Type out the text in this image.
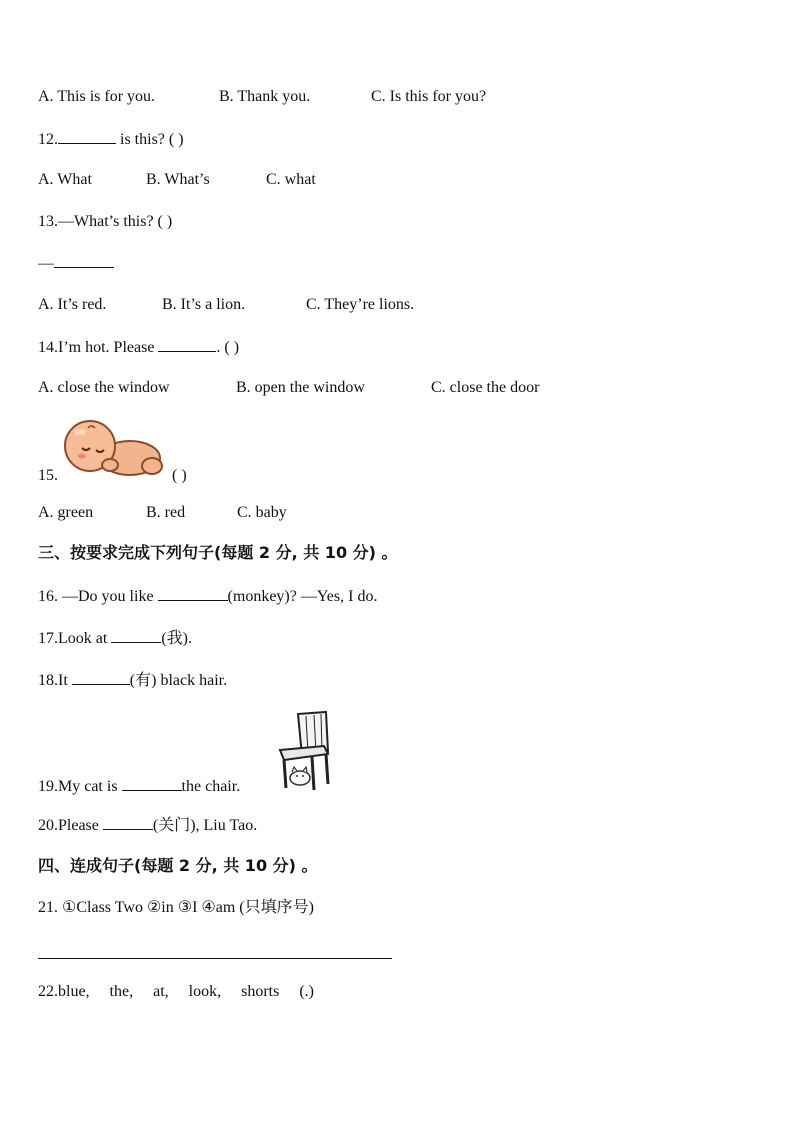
A. This is for you.	B. Thank you.	C. Is this for you?
12.	is this? ( )
A. What	B. What’s	C. what
13.—What’s this? ( )
—
A. It’s red.	B. It’s a lion.	C. They’re lions.
14.I’m hot. Please	. ( )
A. close the window	B. open the window	C. close the door
15.	( )
A. green	B. red	C. baby
三、按要求完成下列句子(每题 2 分, 共 10 分) 。
16. —Do you like	(monkey)? —Yes, I do.
17.Look at	(我).
18.It	(有) black hair.
19.My cat is	the chair.
20.Please	(关门), Liu Tao.
四、连成句子(每题 2 分, 共 10 分) 。
21. ①Class Two ②in ③I ④am (只填序号)
22.blue,     the,     at,     look,     shorts     (.)
